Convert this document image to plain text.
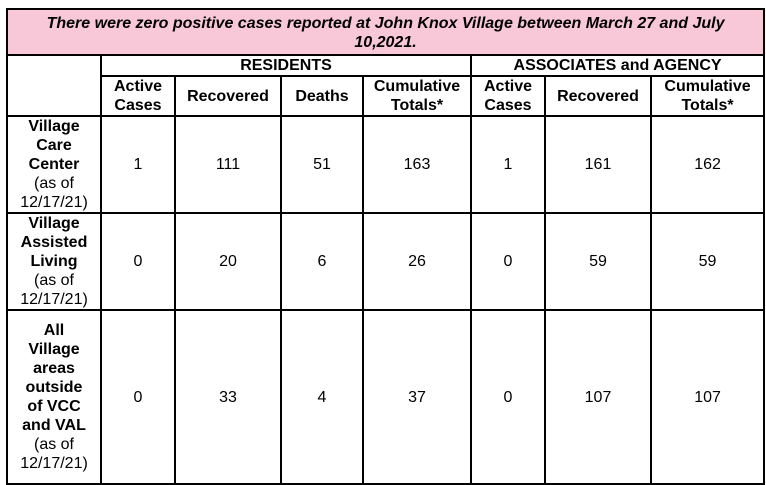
There were zero positive cases reported at John Knox Village between March 27 and July 10,2021.							
	RESIDENTS				ASSOCIATES and AGENCY		
	Active Cases	Recovered	Deaths	Cumulative Totals*	Active Cases	Recovered	Cumulative Totals*

Village Care Center
(as of 12/17/21)	1	111	51	163	1	161	162

Village Assisted Living
(as of 12/17/21)	0	20	6	26	0	59	59

All Village areas outside of VCC and VAL
(as of 12/17/21)	0	33	4	37	0	107	107
